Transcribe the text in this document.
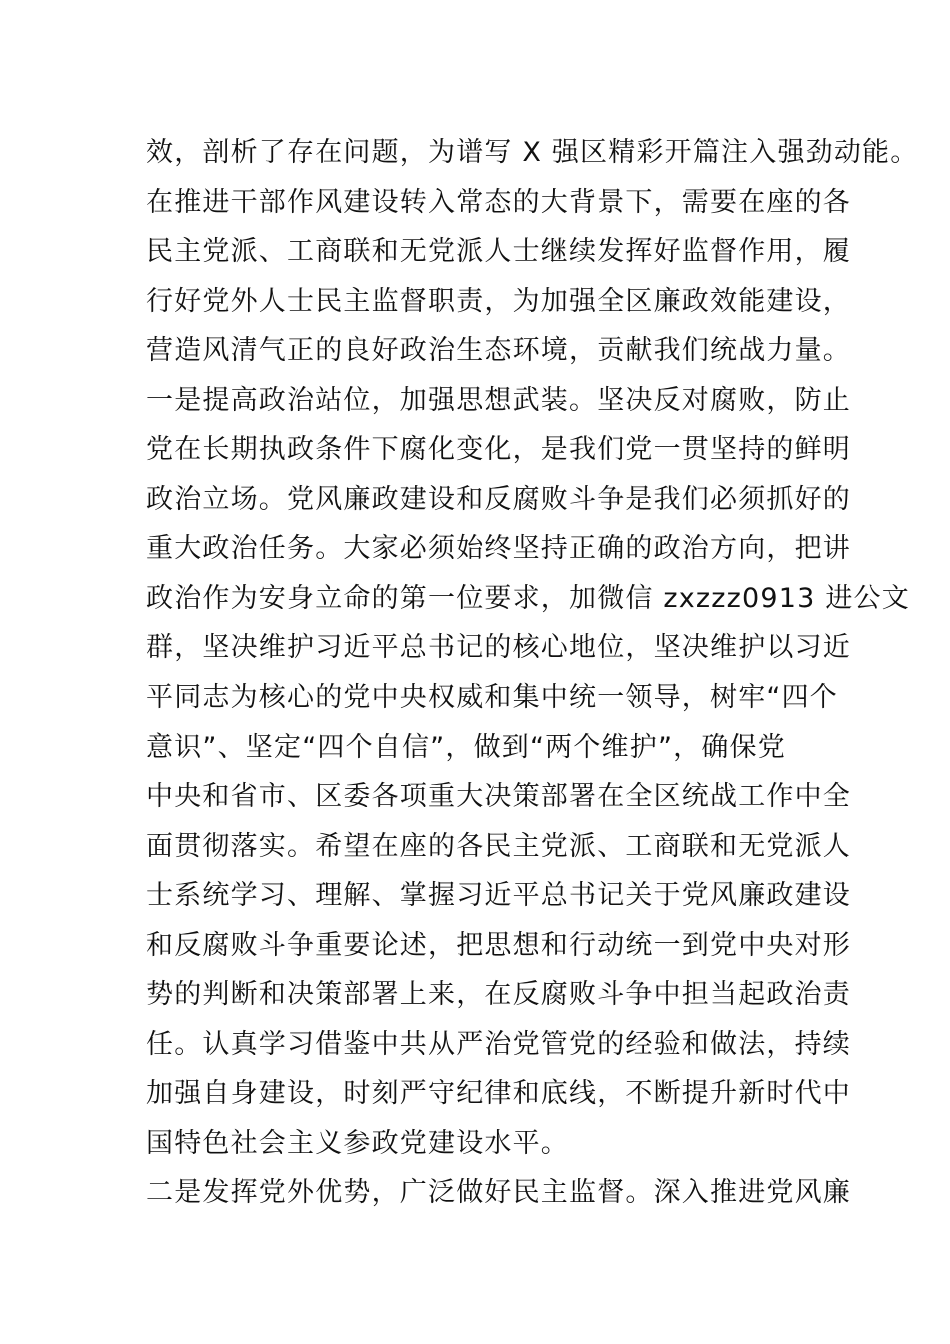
效，剖析了存在问题，为谱写 X 强区精彩开篇注入强劲动能。
在推进干部作风建设转入常态的大背景下，需要在座的各
民主党派、工商联和无党派人士继续发挥好监督作用，履
行好党外人士民主监督职责，为加强全区廉政效能建设，
营造风清气正的良好政治生态环境，贡献我们统战力量。
一是提高政治站位，加强思想武装。坚决反对腐败，防止
党在长期执政条件下腐化变化，是我们党一贯坚持的鲜明
政治立场。党风廉政建设和反腐败斗争是我们必须抓好的
重大政治任务。大家必须始终坚持正确的政治方向，把讲
政治作为安身立命的第一位要求，加微信 zxzzz0913 进公文
群，坚决维护习近平总书记的核心地位，坚决维护以习近
平同志为核心的党中央权威和集中统一领导，树牢“四个
意识”、坚定“四个自信”，做到“两个维护”，确保党
中央和省市、区委各项重大决策部署在全区统战工作中全
面贯彻落实。希望在座的各民主党派、工商联和无党派人
士系统学习、理解、掌握习近平总书记关于党风廉政建设
和反腐败斗争重要论述，把思想和行动统一到党中央对形
势的判断和决策部署上来，在反腐败斗争中担当起政治责
任。认真学习借鉴中共从严治党管党的经验和做法，持续
加强自身建设，时刻严守纪律和底线，不断提升新时代中
国特色社会主义参政党建设水平。
二是发挥党外优势，广泛做好民主监督。深入推进党风廉
